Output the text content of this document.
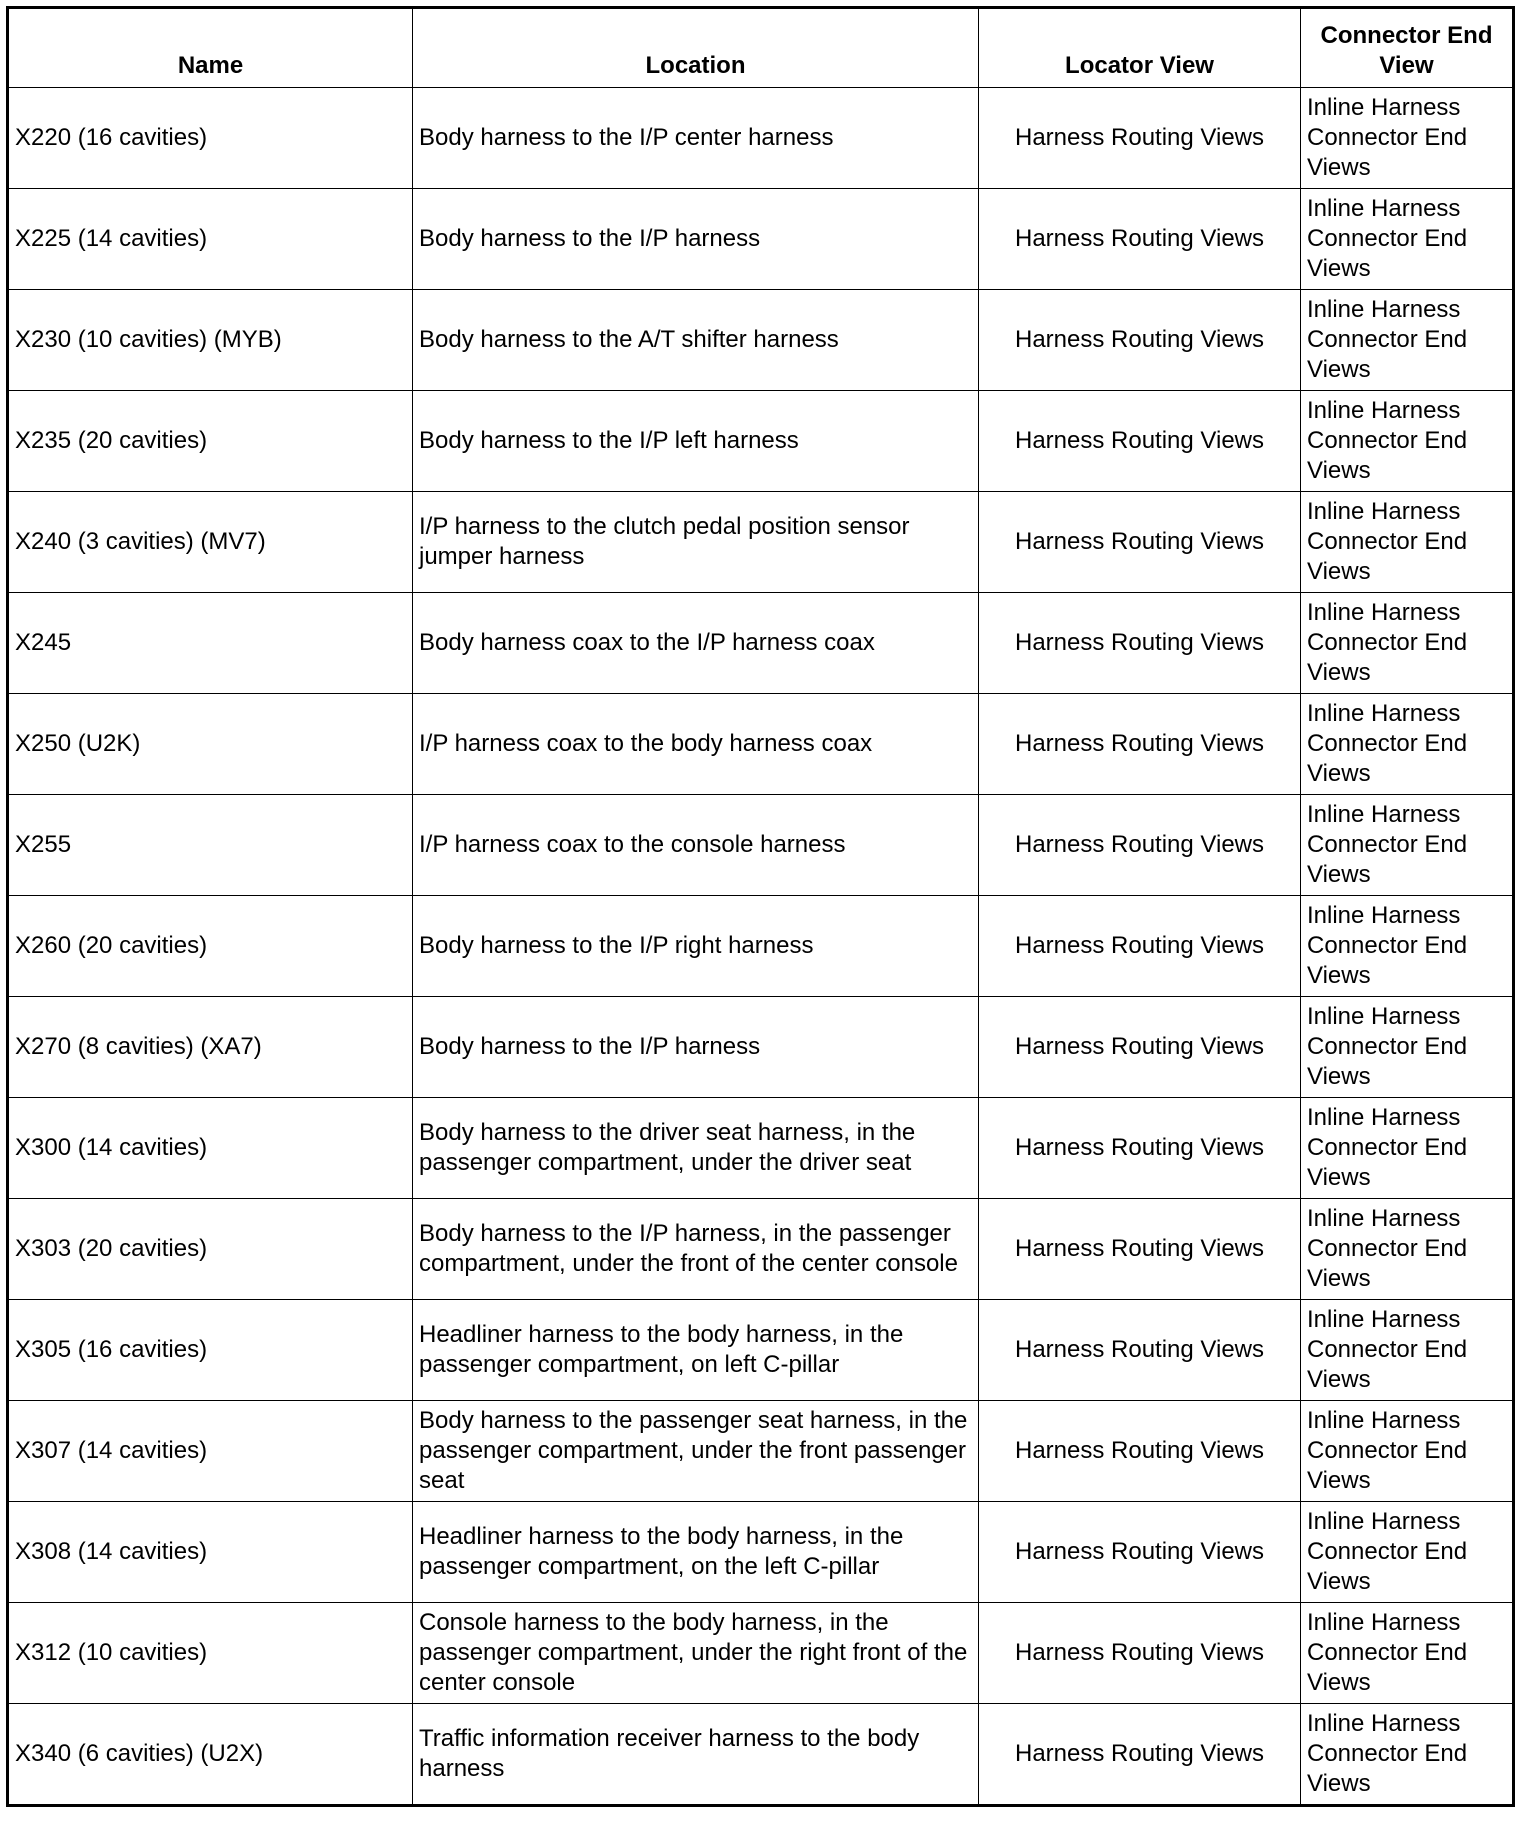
Name	Location	Locator View	Connector End View
X220 (16 cavities)	Body harness to the I/P center harness	Harness Routing Views	Inline Harness Connector End Views
X225 (14 cavities)	Body harness to the I/P harness	Harness Routing Views	Inline Harness Connector End Views
X230 (10 cavities) (MYB)	Body harness to the A/T shifter harness	Harness Routing Views	Inline Harness Connector End Views
X235 (20 cavities)	Body harness to the I/P left harness	Harness Routing Views	Inline Harness Connector End Views
X240 (3 cavities) (MV7)	I/P harness to the clutch pedal position sensor jumper harness	Harness Routing Views	Inline Harness Connector End Views
X245	Body harness coax to the I/P harness coax	Harness Routing Views	Inline Harness Connector End Views
X250 (U2K)	I/P harness coax to the body harness coax	Harness Routing Views	Inline Harness Connector End Views
X255	I/P harness coax to the console harness	Harness Routing Views	Inline Harness Connector End Views
X260 (20 cavities)	Body harness to the I/P right harness	Harness Routing Views	Inline Harness Connector End Views
X270 (8 cavities) (XA7)	Body harness to the I/P harness	Harness Routing Views	Inline Harness Connector End Views
X300 (14 cavities)	Body harness to the driver seat harness, in the passenger compartment, under the driver seat	Harness Routing Views	Inline Harness Connector End Views
X303 (20 cavities)	Body harness to the I/P harness, in the passenger compartment, under the front of the center console	Harness Routing Views	Inline Harness Connector End Views
X305 (16 cavities)	Headliner harness to the body harness, in the passenger compartment, on left C-pillar	Harness Routing Views	Inline Harness Connector End Views
X307 (14 cavities)	Body harness to the passenger seat harness, in the passenger compartment, under the front passenger seat	Harness Routing Views	Inline Harness Connector End Views
X308 (14 cavities)	Headliner harness to the body harness, in the passenger compartment, on the left C-pillar	Harness Routing Views	Inline Harness Connector End Views
X312 (10 cavities)	Console harness to the body harness, in the passenger compartment, under the right front of the center console	Harness Routing Views	Inline Harness Connector End Views
X340 (6 cavities) (U2X)	Traffic information receiver harness to the body harness	Harness Routing Views	Inline Harness Connector End Views
